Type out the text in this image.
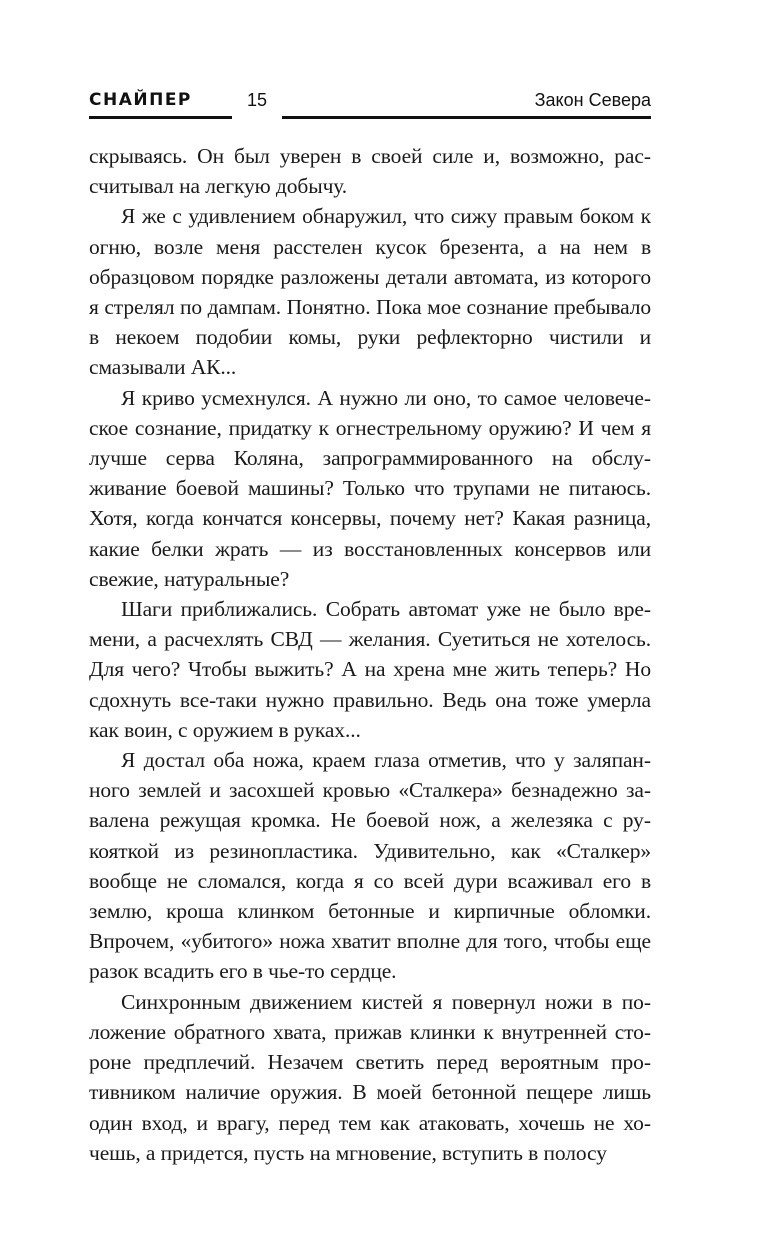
СНАЙПЕР	15	Закон Севера

скрываясь. Он был уверен в своей силе и, возможно, рассчитывал на легкую добычу.

Я же с удивлением обнаружил, что сижу правым боком к огню, возле меня расстелен кусок брезента, а на нем в образцовом порядке разложены детали автомата, из которого я стрелял по дампам. Понятно. Пока мое сознание пребывало в некоем подобии комы, руки рефлекторно чистили и смазывали АК...

Я криво усмехнулся. А нужно ли оно, то самое человеческое сознание, придатку к огнестрельному оружию? И чем я лучше серва Коляна, запрограммированного на обслуживание боевой машины? Только что трупами не питаюсь. Хотя, когда кончатся консервы, почему нет? Какая разница, какие белки жрать — из восстановленных консервов или свежие, натуральные?

Шаги приближались. Собрать автомат уже не было времени, а расчехлять СВД — желания. Суетиться не хотелось. Для чего? Чтобы выжить? А на хрена мне жить теперь? Но сдохнуть все-таки нужно правильно. Ведь она тоже умерла как воин, с оружием в руках...

Я достал оба ножа, краем глаза отметив, что у заляпанного землей и засохшей кровью «Сталкера» безнадежно завалена режущая кромка. Не боевой нож, а железяка с рукояткой из резинопластика. Удивительно, как «Сталкер» вообще не сломался, когда я со всей дури всаживал его в землю, кроша клинком бетонные и кирпичные обломки. Впрочем, «убитого» ножа хватит вполне для того, чтобы еще разок всадить его в чье-то сердце.

Синхронным движением кистей я повернул ножи в положение обратного хвата, прижав клинки к внутренней стороне предплечий. Незачем светить перед вероятным противником наличие оружия. В моей бетонной пещере лишь один вход, и врагу, перед тем как атаковать, хочешь не хочешь, а придется, пусть на мгновение, вступить в полосу
